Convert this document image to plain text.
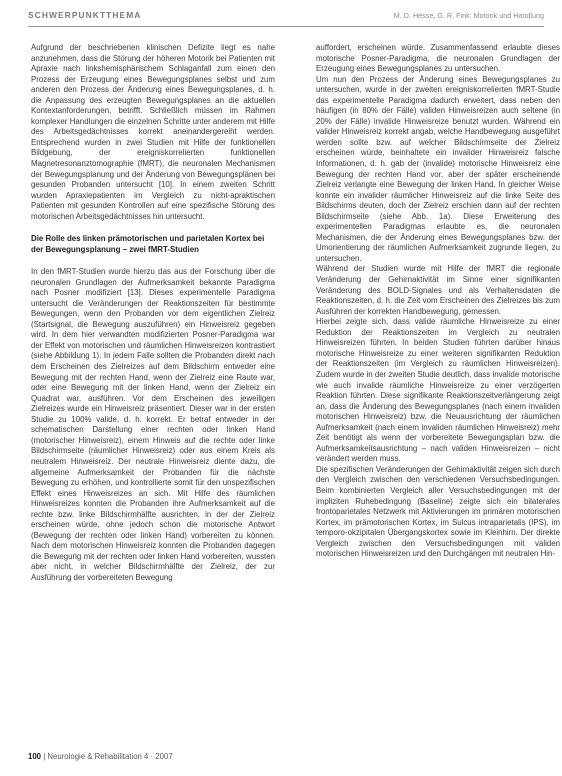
SCHWERPUNKTTHEMA	M. D. Hesse, G. R. Fink: Motorik und Handlung

Aufgrund der beschriebenen klinischen Defizite liegt es nahe anzunehmen, dass die Störung der höheren Motorik bei Patienten mit Apraxie nach linkshemisphärischem Schlaganfall zum einen den Prozess der Erzeugung eines Bewegungsplanes selbst und zum anderen den Prozess der Änderung eines Bewegungsplanes, d. h. die Anpassung des erzeugten Bewegungsplanes an die aktuellen Kontextanforderungen, betrifft. Schließlich müssen im Rahmen komplexer Handlungen die einzelnen Schritte unter anderem mit Hilfe des Arbeitsgedächtnisses korrekt aneinandergereiht werden. Entsprechend wurden in zwei Studien mit Hilfe der funktionellen Bildgebung, der ereigniskorrelierten funktionellen Magnetresonanztomographie (fMRT), die neuronalen Mechanismen der Bewegungsplanung und der Änderung von Bewegungsplänen bei gesunden Probanden untersucht [10]. In einem zweiten Schritt wurden Apraxiepatienten im Vergleich zu nicht-apraktischen Patienten mit gesunden Kontrollen auf eine spezifische Störung des motorischen Arbeitsgedächtnisses hin untersucht.

Die Rolle des linken prämotorischen und parietalen Kortex bei der Bewegungsplanung – zwei fMRT-Studien

In den fMRT-Studien wurde hierzu das aus der Forschung über die neuronalen Grundlagen der Aufmerksamkeit bekannte Paradigma nach Posner modifiziert [13]. Dieses experimentelle Paradigma untersucht die Veränderungen der Reaktionszeiten für bestimmte Bewegungen, wenn den Probanden vor dem eigentlichen Zielreiz (Startsignal, die Bewegung auszuführen) ein Hinweisreiz gegeben wird. In dem hier verwandten modifizierten Posner-Paradigma war der Effekt von motorischen und räumlichen Hinweisreizen kontrastiert (siehe Abbildung 1). In jedem Falle sollten die Probanden direkt nach dem Erscheinen des Zielreizes auf dem Bildschirm entweder eine Bewegung mit der rechten Hand, wenn der Zielreiz eine Raute war, oder eine Bewegung mit der linken Hand, wenn der Zielreiz ein Quadrat war, ausführen. Vor dem Erscheinen des jeweiligen Zielreizes wurde ein Hinweisreiz präsentiert. Dieser war in der ersten Studie zu 100% valide, d. h. korrekt. Er betraf entweder in der schematischen Darstellung einer rechten oder linken Hand (motorischer Hinweisreiz), einem Hinweis auf die rechte oder linke Bildschirmseite (räumlicher Hinweisreiz) oder aus einem Kreis als neutralem Hinweisreiz. Der neutrale Hinweisreiz diente dazu, die allgemeine Aufmerksamkeit der Probanden für die nächste Bewegung zu erhöhen, und kontrollierte somit für den unspezifischen Effekt eines Hinweisreizes an sich. Mit Hilfe des räumlichen Hinweisreizes konnten die Probanden ihre Aufmerksamkeit auf die rechte bzw. linke Bildschirmhälfte ausrichten, in der der Zielreiz erscheinen würde, ohne jedoch schon die motorische Antwort (Bewegung der rechten oder linken Hand) vorbereiten zu können. Nach dem motorischen Hinweisreiz konnten die Probanden dagegen die Bewegung mit der rechten oder linken Hand vorbereiten, wussten aber nicht, in welcher Bildschirmhälfte der Zielreiz, der zur Ausführung der vorbereiteten Bewegung

auffordert, erscheinen würde. Zusammenfassend erlaubte dieses motorische Posner-Paradigma, die neuronalen Grundlagen der Erzeugung eines Bewegungsplanes zu untersuchen.

Um nun den Prozess der Änderung eines Bewegungsplanes zu untersuchen, wurde in der zweiten ereigniskorrelierten fMRT-Studie das experimentelle Paradigma dadurch erweitert, dass neben den häufigen (in 80% der Fälle) validen Hinweisreizen auch seltene (in 20% der Fälle) invalide Hinweisreize benutzt wurden. Während ein valider Hinweisreiz korrekt angab, welche Handbewegung ausgeführt werden sollte bzw. auf welcher Bildschirmseite der Zielreiz erscheinen würde, beinhaltete ein invalider Hinweisreiz falsche Informationen, d. h. gab der (invalide) motorische Hinweisreiz eine Bewegung der rechten Hand vor, aber der später erscheinende Zielreiz verlangte eine Bewegung der linken Hand. In gleicher Weise konnte ein invalider räumlicher Hinweisreiz auf die linke Seite des Bildschirms deuten, doch der Zielreiz erschien dann auf der rechten Bildschirmseite (siehe Abb. 1a). Diese Erweiterung des experimentellen Paradigmas erlaubte es, die neuronalen Mechanismen, die der Änderung eines Bewegungsplanes bzw. der Umorientierung der räumlichen Aufmerksamkeit zugrunde liegen, zu untersuchen.

Während der Studien wurde mit Hilfe der fMRT die regionale Veränderung der Gehirnaktivität im Sinne einer signifikanten Veränderung des BOLD-Signales und als Verhaltensdaten die Reaktionszeiten, d. h. die Zeit vom Erscheinen des Zielreizes bis zum Ausführen der korrekten Handbewegung, gemessen.

Hierbei zeigte sich, dass valide räumliche Hinweisreize zu einer Reduktion der Reaktionszeiten im Vergleich zu neutralen Hinweisreizen führten. In beiden Studien führten darüber hinaus motorische Hinweisreize zu einer weiteren signifikanten Reduktion der Reaktionszeiten (im Vergleich zu räumlichen Hinweisreizen). Zudem wurde in der zweiten Studie deutlich, dass invalide motorische wie auch invalide räumliche Hinweisreize zu einer verzögerten Reaktion führten. Diese signifikante Reaktionszeitverlängerung zeigt an, dass die Änderung des Bewegungsplanes (nach einem invaliden motorischen Hinweisreiz) bzw. die Neuausrichtung der räumlichen Aufmerksamkeit (nach einem invaliden räumlichen Hinweisreiz) mehr Zeit benötigt als wenn der vorbereitete Bewegungsplan bzw. die Aufmerksamkeitsausrichtung – nach validen Hinweisreizen – nicht verändert werden muss.

Die spezifischen Veränderungen der Gehirnaktivität zeigen sich durch den Vergleich zwischen den verschiedenen Versuchsbedingungen. Beim kombinierten Vergleich aller Versuchsbedingungen mit der impliziten Ruhebedingung (Baseline) zeigte sich ein bilaterales frontoparietales Netzwerk mit Aktivierungen im primären motorischen Kortex, im prämotorischen Kortex, im Sulcus intraparietalis (IPS), im temporo-okzipitalen Übergangskortex sowie im Kleinhirn. Der direkte Vergleich zwischen den Versuchsbedingungen mit validen motorischen Hinweisreizen und den Durchgängen mit neutralen Hin-

100 | Neurologie & Rehabilitation 4 · 2007
